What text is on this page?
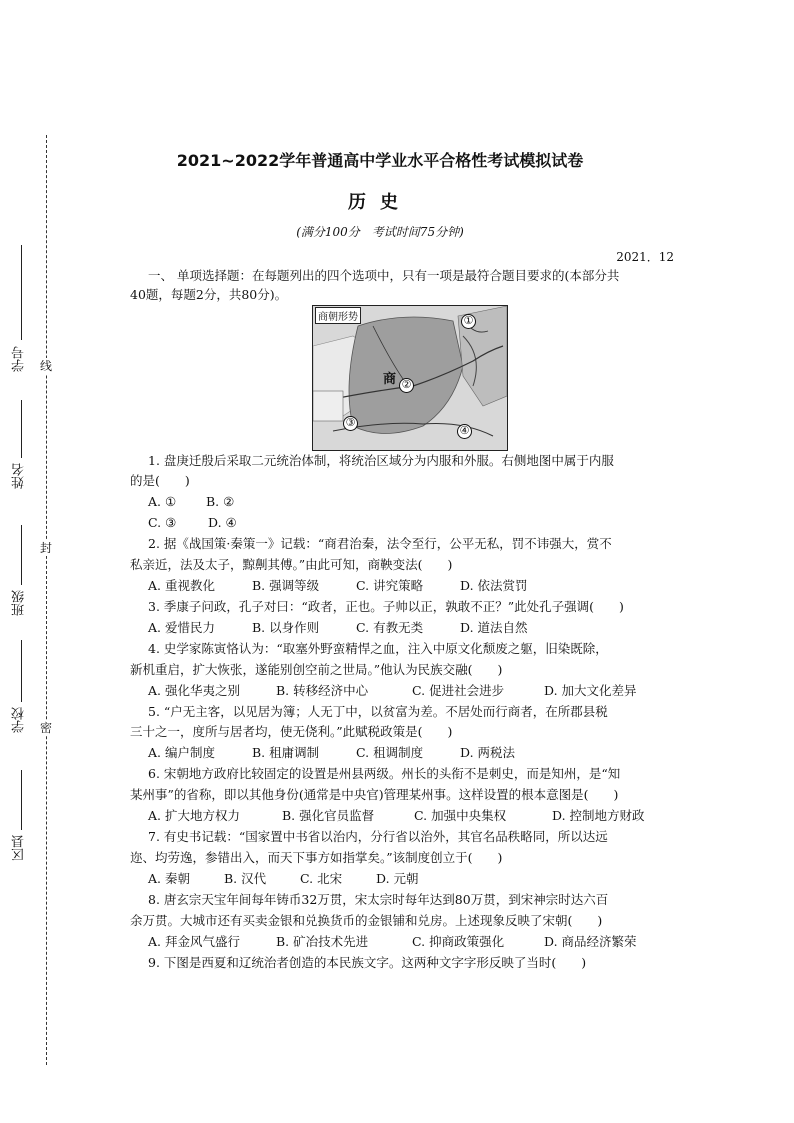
线
封
密
学号
姓名
班级
学校
区县
2021~2022学年普通高中学业水平合格性考试模拟试卷
历史
(满分100分　考试时间75分钟)
2021．12
一、 单项选择题：在每题列出的四个选项中，只有一项是最符合题目要求的(本部分共
40题，每题2分，共80分)。
商朝形势
商
①
②
③
④
1. 盘庚迁殷后采取二元统治体制，将统治区域分为内服和外服。右侧地图中属于内服
的是(　　)
A. ① B. ②
C. ③	D. ④
2. 据《战国策·秦策一》记载：“商君治秦，法令至行，公平无私，罚不讳强大，赏不
私亲近，法及太子，黥劓其傅。”由此可知，商鞅变法(　　)
A. 重视教化	B. 强调等级	C. 讲究策略	D. 依法赏罚
3. 季康子问政，孔子对曰：“政者，正也。子帅以正，孰敢不正？”此处孔子强调(　　)
A. 爱惜民力	B. 以身作则	C. 有教无类	D. 道法自然
4. 史学家陈寅恪认为：“取塞外野蛮精悍之血，注入中原文化颓废之躯，旧染既除，
新机重启，扩大恢张，遂能别创空前之世局。”他认为民族交融(　　)
A. 强化华夷之别	B. 转移经济中心	C. 促进社会进步	D. 加大文化差异
5. “户无主客，以见居为簿；人无丁中，以贫富为差。不居处而行商者，在所郡县税
三十之一，度所与居者均，使无侥利。”此赋税政策是(　　)
A. 编户制度	B. 租庸调制	C. 租调制度	D. 两税法
6. 宋朝地方政府比较固定的设置是州县两级。州长的头衔不是刺史，而是知州，是“知
某州事”的省称，即以其他身份(通常是中央官)管理某州事。这样设置的根本意图是(　　)
A. 扩大地方权力	B. 强化官员监督	C. 加强中央集权	D. 控制地方财政
7. 有史书记载：“国家置中书省以治内，分行省以治外，其官名品秩略同，所以达远
迩、均劳逸，参错出入，而天下事方如指掌矣。”该制度创立于(　　)
A. 秦朝	B. 汉代	C. 北宋	D. 元朝
8. 唐玄宗天宝年间每年铸币32万贯，宋太宗时每年达到80万贯，到宋神宗时达六百
余万贯。大城市还有买卖金银和兑换货币的金银铺和兑房。上述现象反映了宋朝(　　)
A. 拜金风气盛行	B. 矿冶技术先进	C. 抑商政策强化	D. 商品经济繁荣
9. 下图是西夏和辽统治者创造的本民族文字。这两种文字字形反映了当时(　　)
